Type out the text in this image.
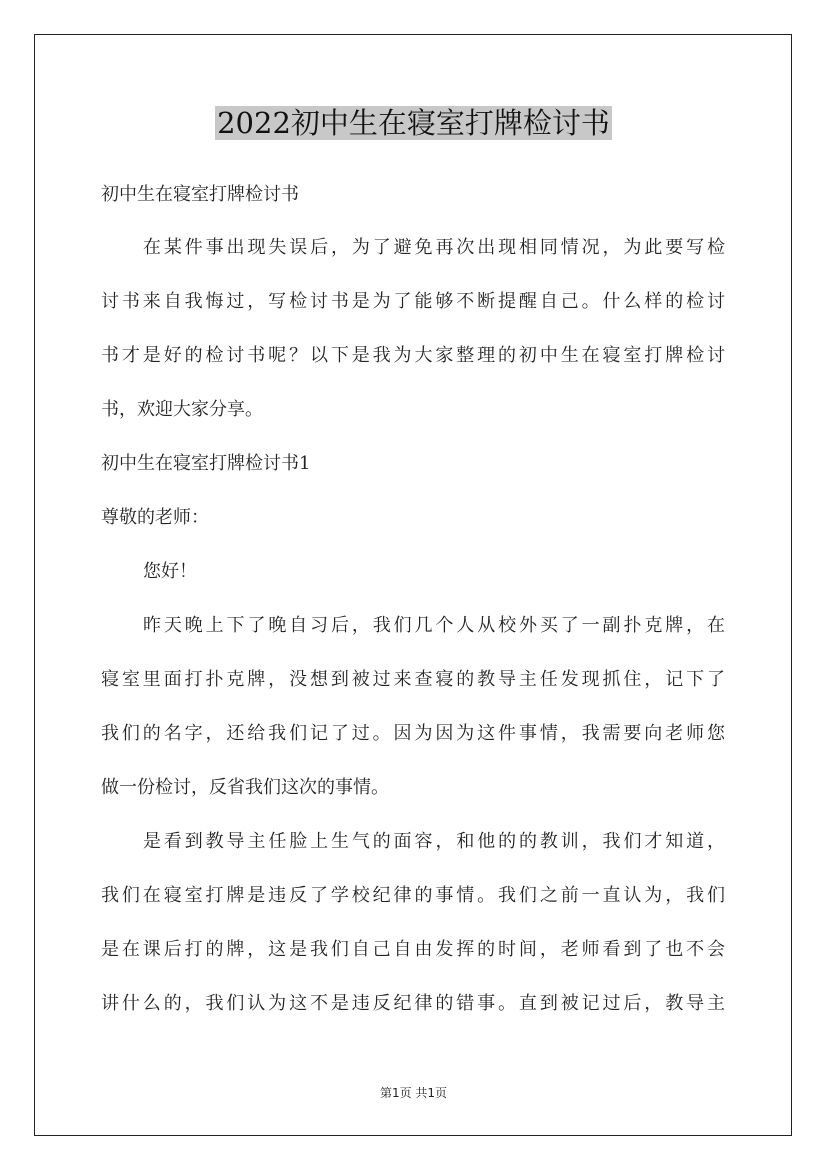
2022初中生在寝室打牌检讨书
初中生在寝室打牌检讨书
在某件事出现失误后，为了避免再次出现相同情况，为此要写检
讨书来自我悔过，写检讨书是为了能够不断提醒自己。什么样的检讨
书才是好的检讨书呢？以下是我为大家整理的初中生在寝室打牌检讨
书，欢迎大家分享。
初中生在寝室打牌检讨书1
尊敬的老师：
您好！
昨天晚上下了晚自习后，我们几个人从校外买了一副扑克牌，在
寝室里面打扑克牌，没想到被过来查寝的教导主任发现抓住，记下了
我们的名字，还给我们记了过。因为因为这件事情，我需要向老师您
做一份检讨，反省我们这次的事情。
是看到教导主任脸上生气的面容，和他的的教训，我们才知道，
我们在寝室打牌是违反了学校纪律的事情。我们之前一直认为，我们
是在课后打的牌，这是我们自己自由发挥的时间，老师看到了也不会
讲什么的，我们认为这不是违反纪律的错事。直到被记过后，教导主
第1页 共1页
